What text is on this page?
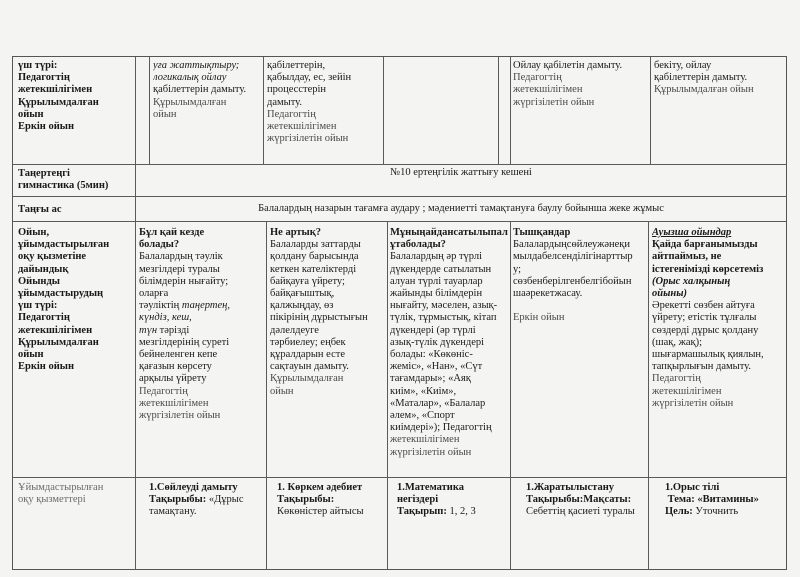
үш түрі:
Педагогтің
жетекшілігімен
Құрылымдалған
ойын
Еркін ойын
уға жаттықтыру;
логикалық ойлау
қабілеттерін дамыту.
Құрылымдалған
ойын
қабілеттерін,
қабылдау, ес, зейін
процесстерін
дамыту.
Педагогтің
жетекшілігімен
жүргізілетін ойын
Ойлау қабілетін дамыту.
Педагогтің
жетекшілігімен
жүргізілетін ойын
бекіту, ойлау
қабілеттерін дамыту.
Құрылымдалған ойын
Таңертеңгі
гимнастика (5мин)
№10 ертеңгілік жаттығу кешені
Таңғы ас	Балалардың назарын тағамға аудару ; мәдениетті тамақтануға баулу бойынша жеке жұмыс
Ойын,
ұйымдастырылған
оқу қызметіне
дайындық
Ойынды
ұйымдастырудың
үш түрі:
Педагогтің
жетекшілігімен
Құрылымдалған
ойын
Еркін ойын
Бұл қай кезде
болады?
Балалардың тәулік
мезгілдері туралы
білімдерін нығайту;
оларға
тәуліктің таңертең,
күндіз, кеш,
түн тәрізді
мезгілдерінің суреті
бейнеленген кепе
қағазын көрсету
арқылы үйрету
Педагогтің
жетекшілігімен
жүргізілетін ойын
Не артық?
Балаларды заттарды
қолдану барысында
кеткен кателіктерді
байқауға үйрету;
байқағыштық,
қалжыңдау, өз
пікірінің дұрыстығын
дәлелдеуге
тәрбиелеу; еңбек
құралдарын есте
сақтауын дамыту.
Құрылымдалған
ойын
Мұныңайдансатылыпал
ұтаболады?
Балалардың әр түрлі
дүкендерде сатылатын
алуан түрлі тауарлар
жайынды білімдерін
нығайту, мәселен, азық-
түлік, тұрмыстық, кітап
дүкендері (әр түрлі
азық-түлік дүкендері
болады: «Көкөніс-
жеміс», «Нан», «Сүт
тағамдары»; «Аяқ
киім», «Киім»,
«Маталар», «Балалар
әлем», «Спорт
киімдері»); Педагогтің
жетекшілігімен
жүргізілетін ойын
Тышқандар
Балалардыңсөйлеужәнеқи
мылдабелсенділігінарттыр
у;
сөзбенберілгенбелгібойын
шаәрекетжасау.
Еркін ойын
Ауызша ойындар
Қайда барғанымызды
айтпаймыз, не
істегенімізді көрсетеміз
(Орыс халқының
ойыны)
Әрекетті сөзбен айтуға
үйрету; етістік тұлғалы
сөздерді дұрыс қолдану
(шақ, жақ);
шығармашылық қиялын,
тапқырлығын дамыту.
Педагогтің
жетекшілігімен
жүргізілетін ойын
Ұйымдастырылған
оқу қызметтері
1.Сөйлеуді дамыту
Тақырыбы: «Дұрыс
тамақтану.
1. Көркем әдебиет
Тақырыбы:
Көкөністер айтысы
1.Математика
негіздері
Тақырып: 1, 2, 3
1.Жаратылыстану
Тақырыбы:Мақсаты:
Себеттің қасиеті туралы
1.Орыс тілі
Тема: «Витамины»
Цель: Уточнить
